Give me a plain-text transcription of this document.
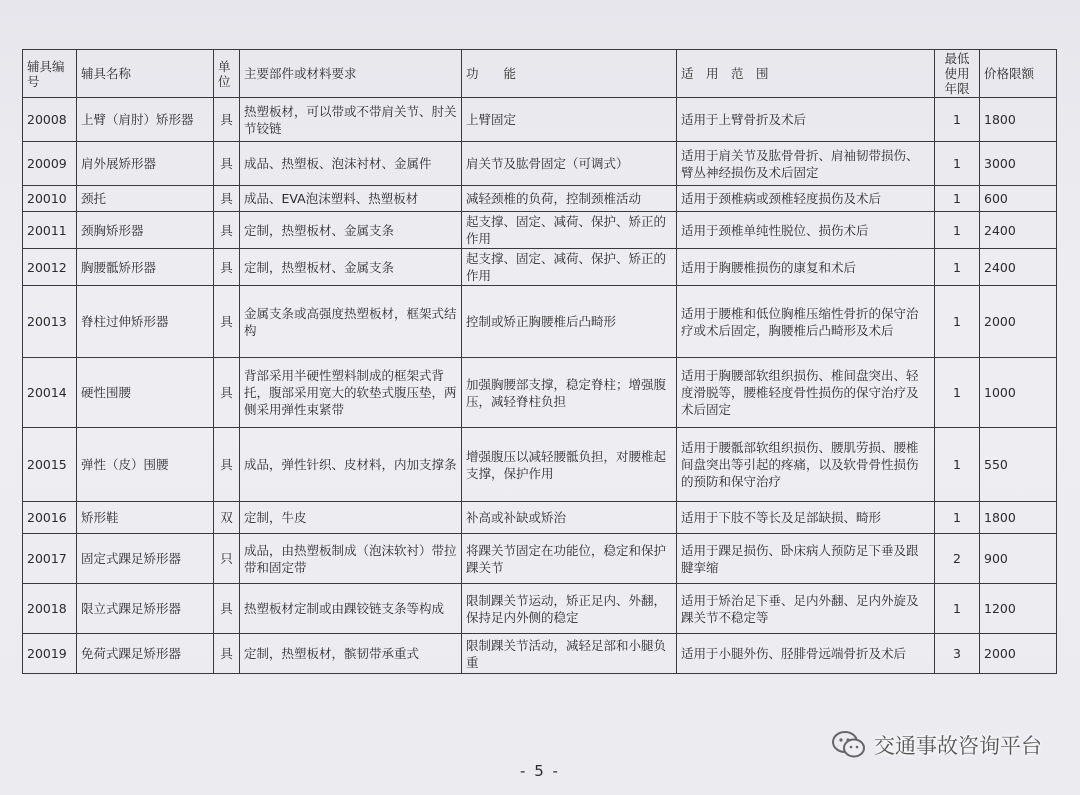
辅具编号	辅具名称	单位	主要部件或材料要求	功　　能	适　用　范　围	最低使用年限	价格限额
20008	上臂（肩肘）矫形器	具	热塑板材，可以带或不带肩关节、肘关节铰链	上臂固定	适用于上臂骨折及术后	1	1800
20009	肩外展矫形器	具	成品、热塑板、泡沫衬材、金属件	肩关节及肱骨固定（可调式）	适用于肩关节及肱骨骨折、肩袖韧带损伤、臂丛神经损伤及术后固定	1	3000
20010	颈托	具	成品、EVA泡沫塑料、热塑板材	减轻颈椎的负荷，控制颈椎活动	适用于颈椎病或颈椎轻度损伤及术后	1	600
20011	颈胸矫形器	具	定制，热塑板材、金属支条	起支撑、固定、减荷、保护、矫正的作用	适用于颈椎单纯性脱位、损伤术后	1	2400
20012	胸腰骶矫形器	具	定制，热塑板材、金属支条	起支撑、固定、减荷、保护、矫正的作用	适用于胸腰椎损伤的康复和术后	1	2400
20013	脊柱过伸矫形器	具	金属支条或高强度热塑板材，框架式结构	控制或矫正胸腰椎后凸畸形	适用于腰椎和低位胸椎压缩性骨折的保守治疗或术后固定，胸腰椎后凸畸形及术后	1	2000
20014	硬性围腰	具	背部采用半硬性塑料制成的框架式背托，腹部采用宽大的软垫式腹压垫，两侧采用弹性束紧带	加强胸腰部支撑，稳定脊柱；增强腹压，减轻脊柱负担	适用于胸腰部软组织损伤、椎间盘突出、轻度滑脱等，腰椎轻度骨性损伤的保守治疗及术后固定	1	1000
20015	弹性（皮）围腰	具	成品，弹性针织、皮材料，内加支撑条	增强腹压以减轻腰骶负担，对腰椎起支撑，保护作用	适用于腰骶部软组织损伤、腰肌劳损、腰椎间盘突出等引起的疼痛，以及软骨骨性损伤的预防和保守治疗	1	550
20016	矫形鞋	双	定制，牛皮	补高或补缺或矫治	适用于下肢不等长及足部缺损、畸形	1	1800
20017	固定式踝足矫形器	只	成品，由热塑板制成（泡沫软衬）带拉带和固定带	将踝关节固定在功能位，稳定和保护踝关节	适用于踝足损伤、卧床病人预防足下垂及跟腱挛缩	2	900
20018	限立式踝足矫形器	具	热塑板材定制或由踝铰链支条等构成	限制踝关节运动，矫正足内、外翻，保持足内外侧的稳定	适用于矫治足下垂、足内外翻、足内外旋及踝关节不稳定等	1	1200
20019	免荷式踝足矫形器	具	定制，热塑板材，髌韧带承重式	限制踝关节活动，减轻足部和小腿负重	适用于小腿外伤、胫腓骨远端骨折及术后	3	2000
- 5 -
交通事故咨询平台
